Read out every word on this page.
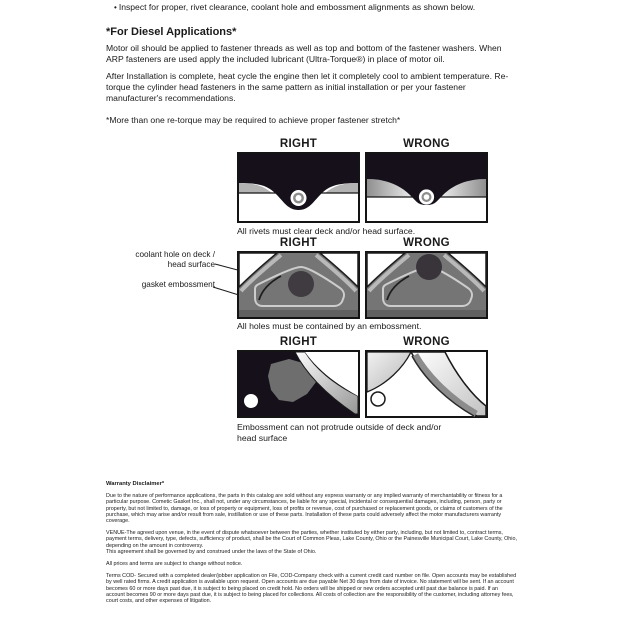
• Inspect for proper, rivet clearance, coolant hole and embossment alignments as shown below.
*For Diesel Applications*
Motor oil should be applied to fastener threads as well as top and bottom of the fastener washers. When ARP fasteners are used apply the included lubricant (Ultra-Torque®) in place of motor oil.
After Installation is complete, heat cycle the engine then let it completely cool to ambient temperature. Re-torque the cylinder head fasteners in the same pattern as initial installation or per your fastener manufacturer's recommendations.
*More than one re-torque may be required to achieve proper fastener stretch*
RIGHT	WRONG
All rivets must clear deck and/or head surface.
RIGHT	WRONG
coolant hole on deck / head surface
gasket embossment
All holes must be contained by an embossment.
RIGHT	WRONG
Embossment can not protrude outside of deck and/or head surface

Warranty Disclaimer*

Due to the nature of performance applications, the parts in this catalog are sold without any express warranty or any implied warranty of merchantability or fitness for a particular purpose. Cometic Gasket Inc., shall not, under any circumstances, be liable for any special, incidental or consequential damages, including, person, party or property, but not limited to, damage, or loss of property or equipment, loss of profits or revenue, cost of purchased or replacement goods, or claims of customers of the purchase, which may arise and/or result from sale, instillation or use of these parts. Installation of these parts could adversely affect the motor manufacturers warranty coverage.

VENUE-The agreed upon venue, in the event of dispute whatsoever between the parties, whether instituted by either party, including, but not limited to, contract terms, payment terms, delivery, type, defects, sufficiency of product, shall be the Court of Common Pleas, Lake County, Ohio or the Painesville Municipal Court, Lake County, Ohio, depending on the amount in controversy.

This agreement shall be governed by and construed under the laws of the State of Ohio.

All prices and terms are subject to change without notice.

Terms COD- Secured with a completed dealer/jobber application on File, COD-Company check with a current credit card number on file. Open accounts may be established by well rated firms. A credit application is available upon request. Open accounts are due payable Net 30 days from date of invoice. No statement will be sent. If an account becomes 60 or more days past due, it is subject to being placed on credit hold. No orders will be shipped or new orders accepted until past due balance is paid. If an account becomes 90 or more days past due, it is subject to being placed for collections. All costs of collection are the responsibility of the customer, including attorney fees, court costs, and other expenses of litigation.
